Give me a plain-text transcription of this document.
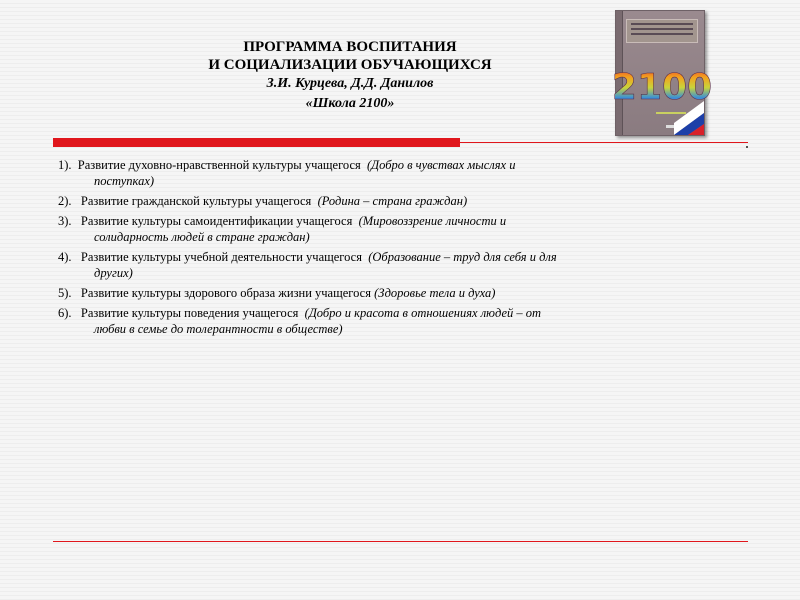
ПРОГРАММА ВОСПИТАНИЯ
И СОЦИАЛИЗАЦИИ ОБУЧАЮЩИХСЯ
З.И. Курцева, Д.Д. Данилов
«Школа 2100»	2100
1). Развитие духовно-нравственной культуры учащегося (Добро в чувствах мыслях и
поступках)
2). Развитие гражданской культуры учащегося (Родина – страна граждан)
3). Развитие культуры самоидентификации учащегося (Мировоззрение личности и
солидарность людей в стране граждан)
4). Развитие культуры учебной деятельности учащегося (Образование – труд для себя и для
других)
5). Развитие культуры здорового образа жизни учащегося (Здоровье тела и духа)
6). Развитие культуры поведения учащегося (Добро и красота в отношениях людей – от
любви в семье до толерантности в обществе)
